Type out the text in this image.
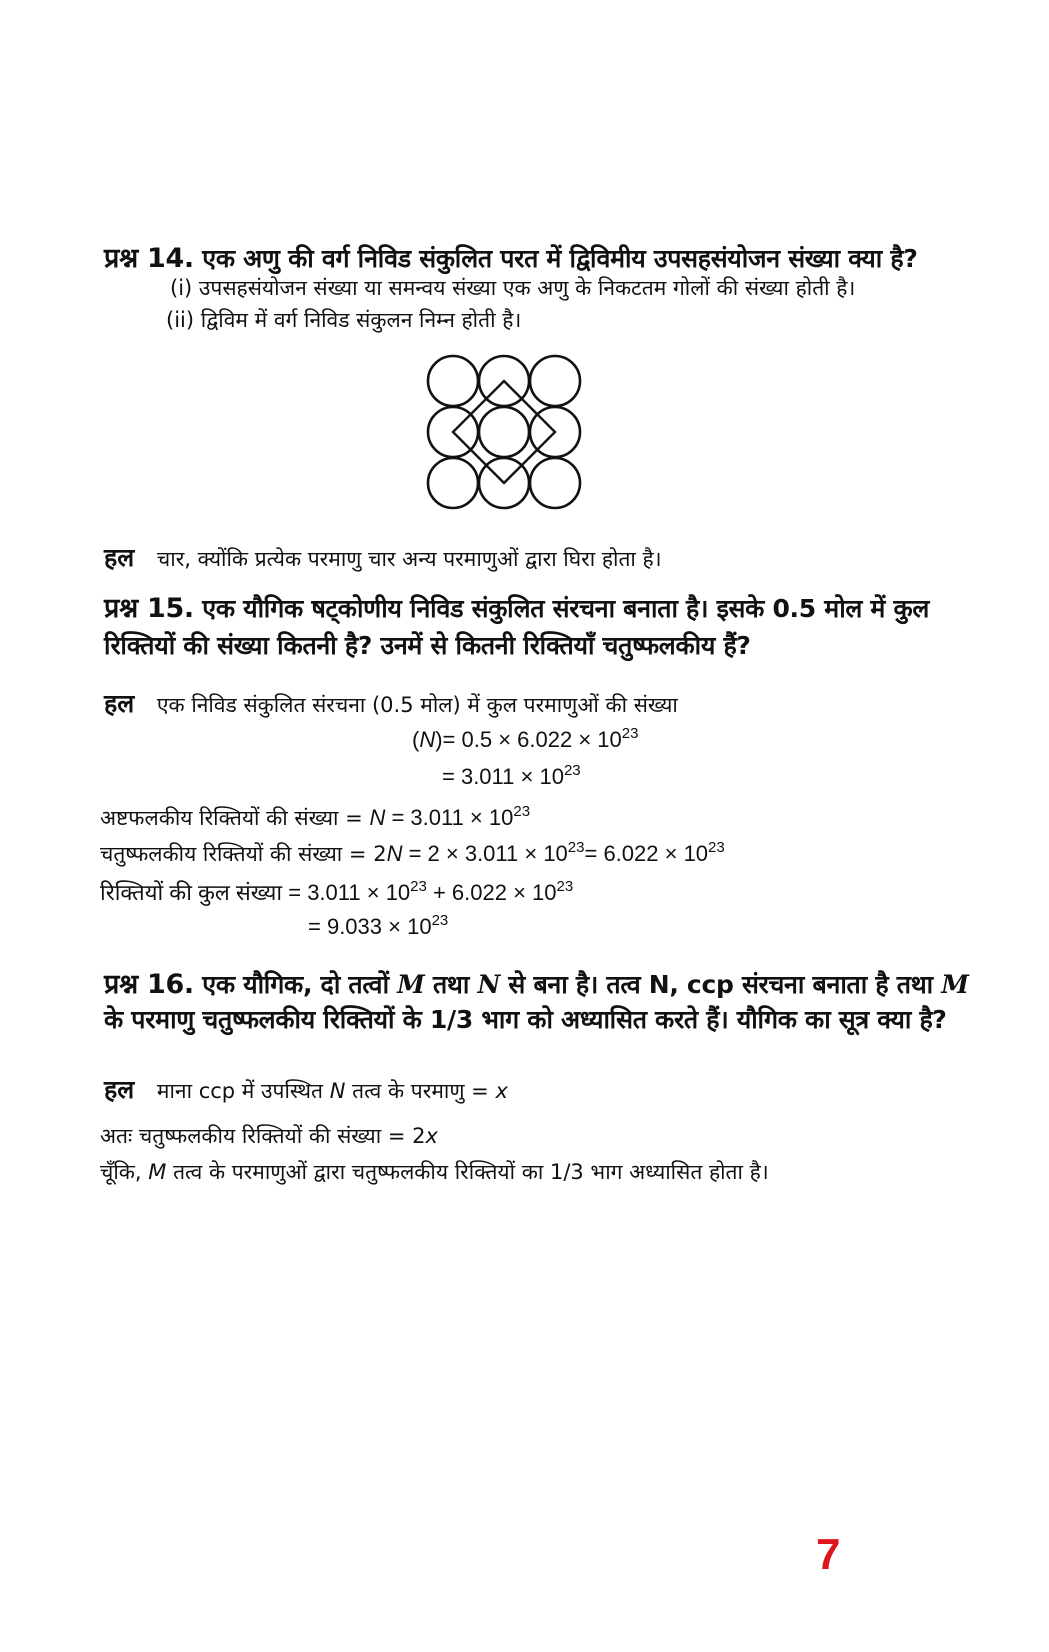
प्रश्न 14. एक अणु की वर्ग निविड संकुलित परत में द्विविमीय उपसहसंयोजन संख्या क्या है?
(i) उपसहसंयोजन संख्या या समन्वय संख्या एक अणु के निकटतम गोलों की संख्या होती है।
(ii) द्विविम में वर्ग निविड संकुलन निम्न होती है।
हल चार, क्योंकि प्रत्येक परमाणु चार अन्य परमाणुओं द्वारा घिरा होता है।
प्रश्न 15. एक यौगिक षट्कोणीय निविड संकुलित संरचना बनाता है। इसके 0.5 मोल में कुल
रिक्तियों की संख्या कितनी है? उनमें से कितनी रिक्तियाँ चतुष्फलकीय हैं?
हल एक निविड संकुलित संरचना (0.5 मोल) में कुल परमाणुओं की संख्या
$(N)= 0.5 \times 6.022 \times 10^{23}$
= $3.011 \times 10^{23}$
अष्टफलकीय रिक्तियों की संख्या = $N = 3.011 \times 10^{23}$
चतुष्फलकीय रिक्तियों की संख्या = $2N = 2 \times 3.011 \times 10^{23}= 6.022 \times 10^{23}$
रिक्तियों की कुल संख्या = $3.011 \times 10^{23} + 6.022 \times 10^{23}$
= $9.033 \times 10^{23}$
प्रश्न 16. एक यौगिक, दो तत्वों M तथा N से बना है। तत्व N, ccp संरचना बनाता है तथा M
के परमाणु चतुष्फलकीय रिक्तियों के 1/3 भाग को अध्यासित करते हैं। यौगिक का सूत्र क्या है?
हल माना ccp में उपस्थित N तत्व के परमाणु = x
अतः चतुष्फलकीय रिक्तियों की संख्या = 2x
चूँकि, M तत्व के परमाणुओं द्वारा चतुष्फलकीय रिक्तियों का 1/3 भाग अध्यासित होता है।
7
